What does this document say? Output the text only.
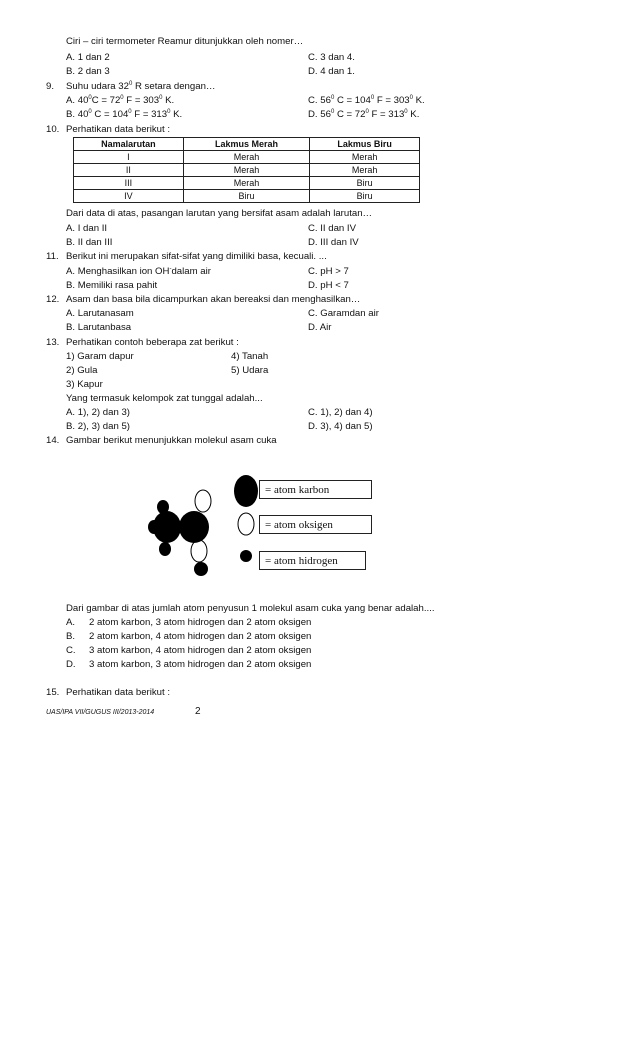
Ciri – ciri termometer Reamur ditunjukkan oleh nomer…
A. 1 dan 2	C. 3 dan 4.
B. 2 dan 3	D. 4 dan 1.
9. Suhu udara $32^0$ R setara dengan…
A. $40^0C = 72^0$ $F = 303^0$ K.	C. $56^0$ $C = 104^0$ $F = 303^0$ K.
B. $40^0$ $C = 104^0$ $F = 313^0$ K.	D. $56^0$ $C = 72^0$ $F = 313^0$ K.
10. Perhatikan data berikut :
Namalarutan	Lakmus Merah	Lakmus Biru
I	Merah	Merah
II	Merah	Merah
III	Merah	Biru
IV	Biru	Biru
Dari data di atas, pasangan larutan yang bersifat asam adalah larutan…
A. I dan II	C. II dan IV
B. II dan III	D. III dan IV
11. Berikut ini merupakan sifat-sifat yang dimiliki basa, kecuali. ...
A. Menghasilkan ion OH-dalam air	C. pH > 7
B. Memiliki rasa pahit	D. pH < 7
12. Asam dan basa bila dicampurkan akan bereaksi dan menghasilkan…
A. Larutanasam	C. Garamdan air
B. Larutanbasa	D. Air
13. Perhatikan contoh beberapa zat berikut :
1) Garam dapur	4) Tanah
2) Gula	5) Udara
3) Kapur
Yang termasuk kelompok zat tunggal adalah...
A. 1), 2) dan 3)	C. 1), 2) dan 4)
B. 2), 3) dan 5)	D. 3), 4) dan 5)
14. Gambar berikut menunjukkan molekul asam cuka
= atom karbon
= atom oksigen
= atom hidrogen
Dari gambar di atas jumlah atom penyusun 1 molekul asam cuka yang benar adalah....
A. 2 atom karbon, 3 atom hidrogen dan 2 atom oksigen
B. 2 atom karbon, 4 atom hidrogen dan 2 atom oksigen
C. 3 atom karbon, 4 atom hidrogen dan 2 atom oksigen
D. 3 atom karbon, 3 atom hidrogen dan 2 atom oksigen
15. Perhatikan data berikut :
UAS/IPA VII/GUGUS III/2013-2014	2
